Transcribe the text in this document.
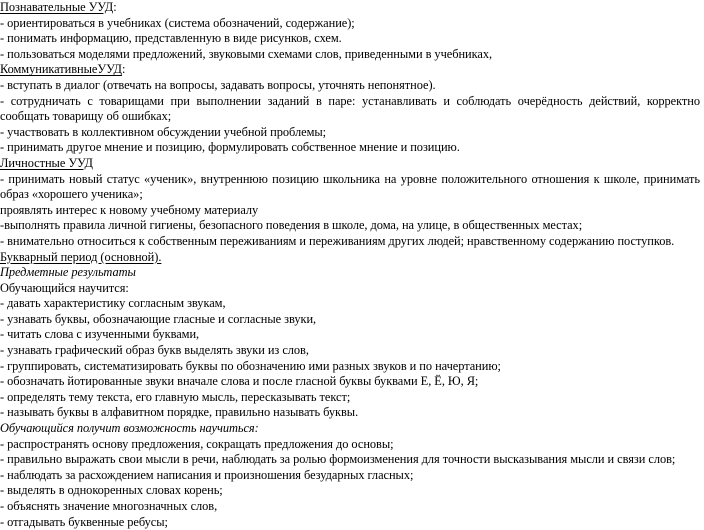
Познавательные УУД:
- ориентироваться в учебниках (система обозначений, содержание);
- понимать информацию, представленную в виде рисунков, схем.
- пользоваться моделями предложений, звуковыми схемами слов, приведенными в учебниках,
КоммуникативныеУУД:
- вступать в диалог (отвечать на вопросы, задавать вопросы, уточнять непонятное).
- сотрудничать с товарищами при выполнении заданий в паре: устанавливать и соблюдать очерёдность действий, корректно сообщать товарищу об ошибках;
- участвовать в коллективном обсуждении учебной проблемы;
- принимать другое мнение и позицию, формулировать собственное мнение и позицию.
Личностные УУД
- принимать новый статус «ученик», внутреннюю позицию школьника на уровне положительного отношения к школе, принимать образ «хорошего ученика»;
проявлять интерес к новому учебному материалу
-выполнять правила личной гигиены, безопасного поведения в школе, дома, на улице, в общественных местах;
- внимательно относиться к собственным переживаниям и переживаниям других людей; нравственному содержанию поступков.
Букварный период (основной).
Предметные результаты
Обучающийся научится:
- давать характеристику согласным звукам,
- узнавать буквы, обозначающие гласные и согласные звуки,
- читать слова с изученными буквами,
- узнавать графический образ букв выделять звуки из слов,
- группировать, систематизировать буквы по обозначению ими разных звуков и по начертанию;
- обозначать йотированные звуки вначале слова и после гласной буквы буквами Е, Ё, Ю, Я;
- определять тему текста, его главную мысль, пересказывать текст;
- называть буквы в алфавитном порядке, правильно называть буквы.
Обучающийся получит возможность научиться:
- распространять основу предложения, сокращать предложения до основы;
- правильно выражать свои мысли в речи, наблюдать за ролью формоизменения для точности высказывания мысли и связи слов;
- наблюдать за расхождением написания и произношения безударных гласных;
- выделять в однокоренных словах корень;
- объяснять значение многозначных слов,
- отгадывать буквенные ребусы;
